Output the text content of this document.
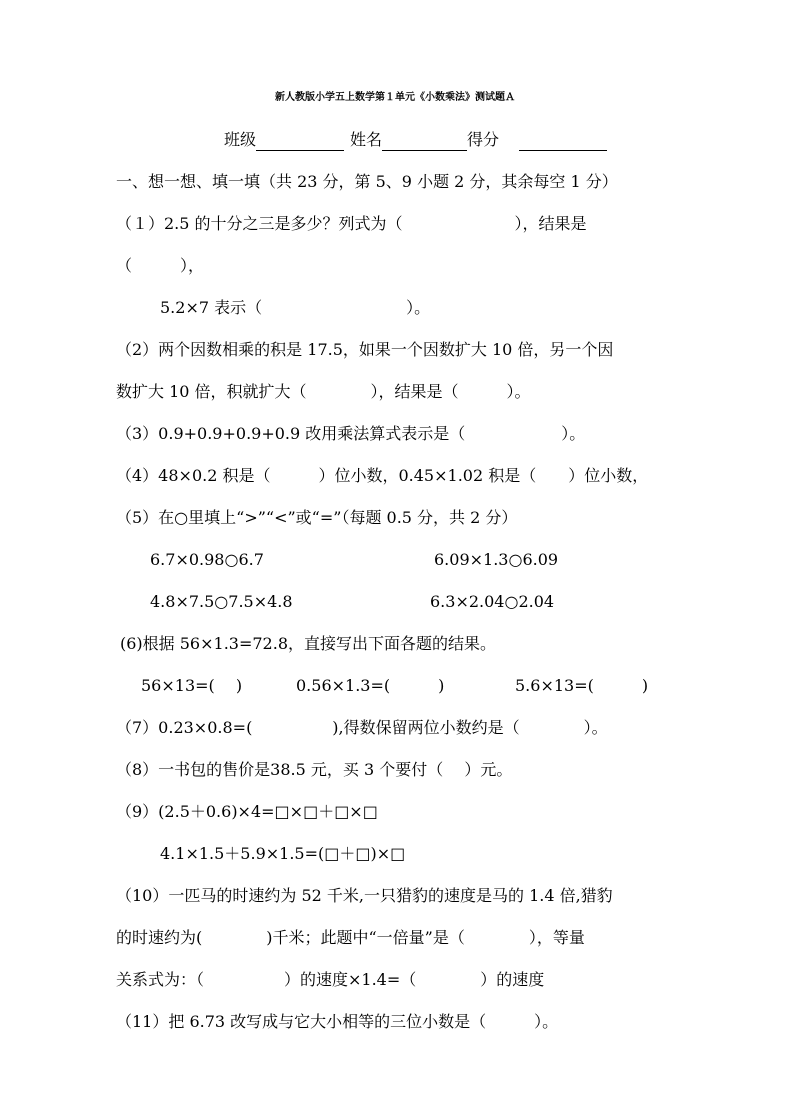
新人教版小学五上数学第１单元《小数乘法》测试题Ａ
班级	姓名	得分
一、想一想、填一填（共 23 分，第 5、9 小题 2 分，其余每空 1 分）
（１）2.5 的十分之三是多少？列式为（　　　　　　　），结果是
（　　　），
5.2×7 表示（　　　　　　　　　）。
（2）两个因数相乘的积是 17.5，如果一个因数扩大 10 倍，另一个因
数扩大 10 倍，积就扩大（　　　　），结果是（　　　）。
（3）0.9+0.9+0.9+0.9 改用乘法算式表示是（　　　　　　）。
（4）48×0.2 积是（　　　）位小数，0.45×1.02 积是（　　）位小数，
（5）在○里填上“>”“<”或“=”（每题 0.5 分，共 2 分）
6.7×0.98○6.7	6.09×1.3○6.09
4.8×7.5○7.5×4.8	6.3×2.04○2.04
(6)根据 56×1.3=72.8，直接写出下面各题的结果。
56×13=(　 )	0.56×1.3=(　　　)	5.6×13=(　　　)
（7）0.23×0.8=(　　　　　),得数保留两位小数约是（　　　　）。
（8）一书包的售价是38.5 元，买 3 个要付（　 ）元。
（9）(2.5＋0.6)×4=□×□＋□×□
4.1×1.5＋5.9×1.5=(□＋□)×□
（10）一匹马的时速约为 52 千米,一只猎豹的速度是马的 1.4 倍,猎豹
的时速约为(　　　　)千米；此题中“一倍量”是（　　　　），等量
关系式为：（　　　　　）的速度×1.4=（　　　　）的速度
（11）把 6.73 改写成与它大小相等的三位小数是（　　　）。
